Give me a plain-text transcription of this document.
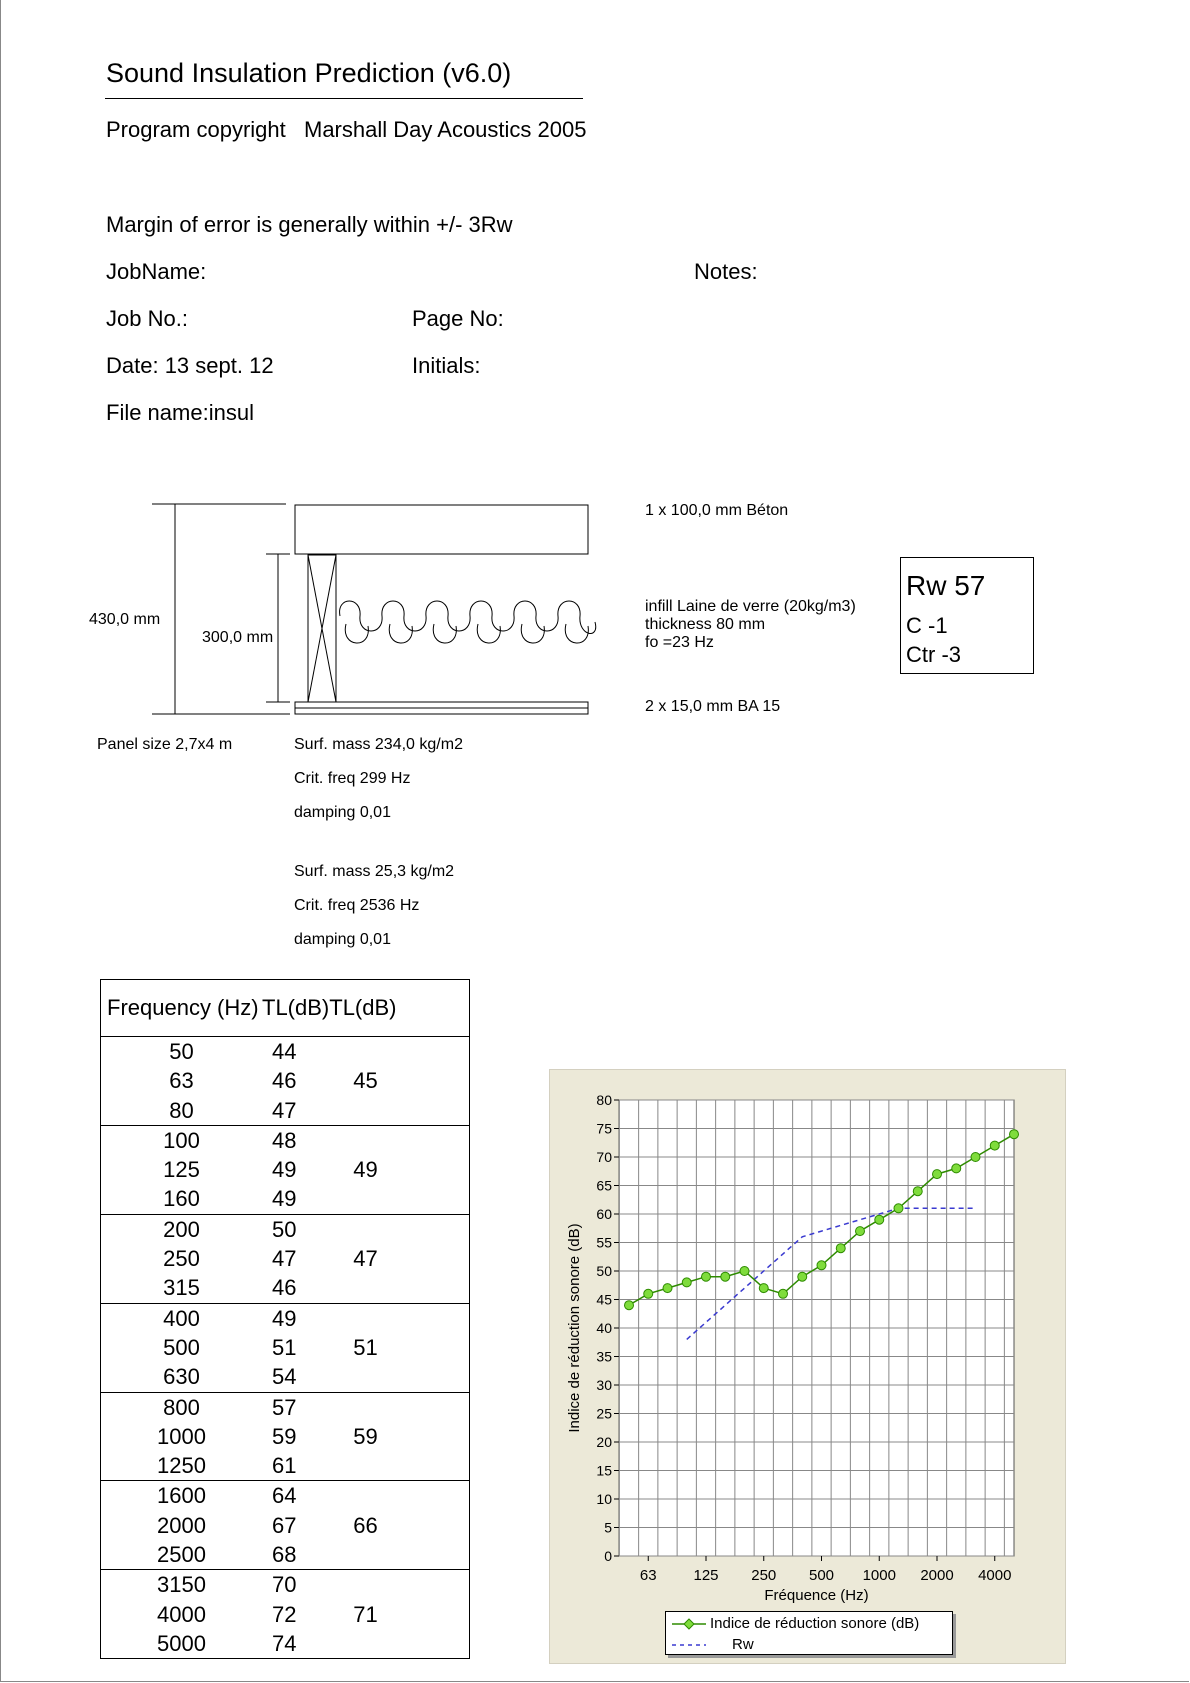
Sound Insulation Prediction (v6.0)
Program copyright Marshall Day Acoustics 2005
Margin of error is generally within +/- 3Rw
JobName:	Notes:
Job No.:	Page No:
Date: 13 sept. 12	Initials:
File name:insul
430,0 mm
300,0 mm
1 x 100,0 mm Béton
infill Laine de verre (20kg/m3)
thickness 80 mm
fo =23 Hz
2 x 15,0 mm BA 15
Panel size 2,7x4 m	Surf. mass 234,0 kg/m2
Crit. freq 299 Hz
damping 0,01
Surf. mass 25,3 kg/m2
Crit. freq 2536 Hz
damping 0,01
Rw 57
C -1
Ctr -3
Frequency (Hz)	TL(dB)	TL(dB)
50	44	
63	46	45
80	47	
100	48	
125	49	49
160	49	
200	50	
250	47	47
315	46	
400	49	
500	51	51
630	54	
800	57	
1000	59	59
1250	61	
1600	64	
2000	67	66
2500	68	
3150	70	
4000	72	71
5000	74	
0
5
10
15
20
25
30
35
40
45
50
55
60
65
70
75
80
63 125 250 500 1000 2000 4000
Fréquence (Hz)
Indice de réduction sonore (dB)
Indice de réduction sonore (dB)
Rw
